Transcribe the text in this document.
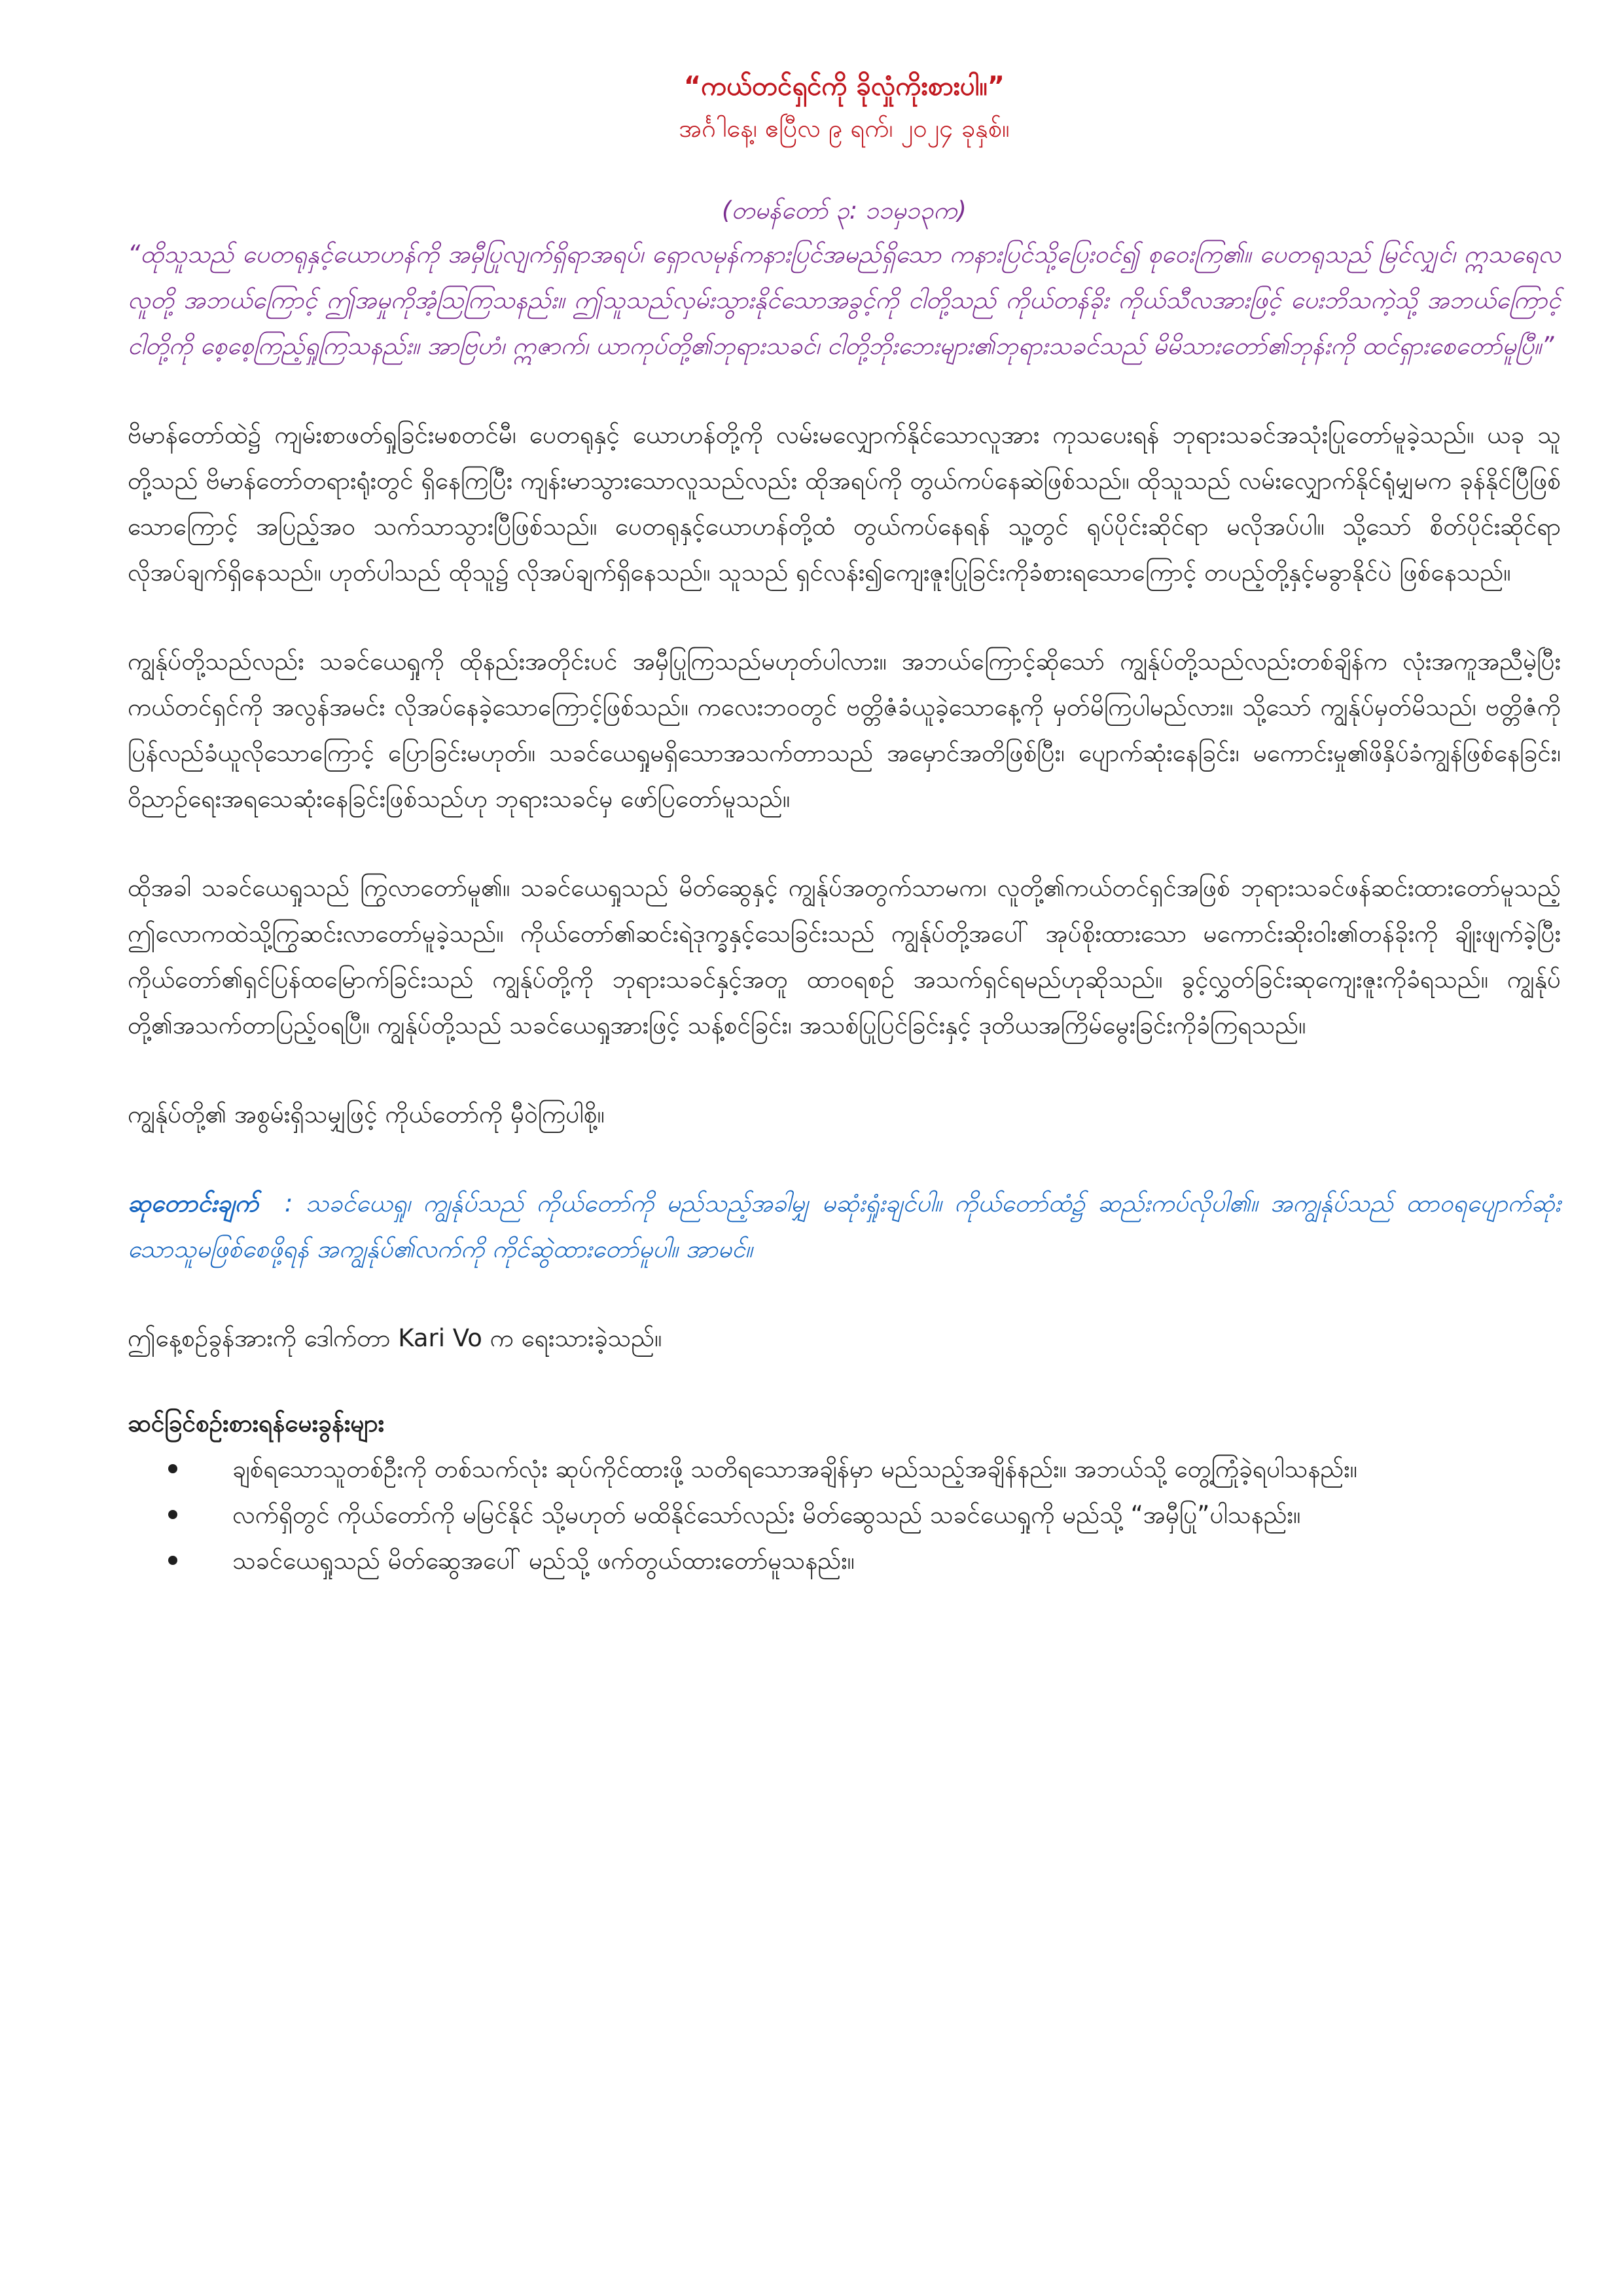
“ကယ်တင်ရှင်ကို ခိုလှုံကိုးစားပါ။”

အင်္ဂါနေ့၊ ဧပြီလ ၉ ရက်၊ ၂၀၂၄ ခုနှစ်။

(တမန်တော် ၃: ၁၁မှ၁၃က)

“ထိုသူသည် ပေတရုနှင့်ယောဟန်ကို အမှီပြုလျက်ရှိရာအရပ်၊ ရှောလမုန်ကနားပြင်အမည်ရှိသော ကနားပြင်သို့ပြေးဝင်၍ စုဝေးကြ၏။ ပေတရုသည် မြင်လျှင်၊ ဣသရေလလူတို့ အဘယ်ကြောင့် ဤအမှုကိုအံ့ဩကြသနည်း။ ဤသူသည်လှမ်းသွားနိုင်သောအခွင့်ကို ငါတို့သည် ကိုယ်တန်ခိုး ကိုယ်သီလအားဖြင့် ပေးဘိသကဲ့သို့ အဘယ်ကြောင့်ငါတို့ကို စေ့စေ့ကြည့်ရှုကြသနည်း။ အာဗြဟံ၊ ဣဇာက်၊ ယာကုပ်တို့၏ဘုရားသခင်၊ ငါတို့ဘိုးဘေးများ၏ဘုရားသခင်သည် မိမိသားတော်၏ဘုန်းကို ထင်ရှားစေတော်မူပြီ။”

ဗိမာန်တော်ထဲ၌ ကျမ်းစာဖတ်ရှုခြင်းမစတင်မီ၊ ပေတရုနှင့် ယောဟန်တို့ကို လမ်းမလျှောက်နိုင်သောလူအား ကုသပေးရန် ဘုရားသခင်အသုံးပြုတော်မူခဲ့သည်။ ယခု သူတို့သည် ဗိမာန်တော်တရားရုံးတွင် ရှိနေကြပြီး ကျန်းမာသွားသောလူသည်လည်း ထိုအရပ်ကို တွယ်ကပ်နေဆဲဖြစ်သည်။ ထိုသူသည် လမ်းလျှောက်နိုင်ရုံမျှမက ခုန်နိုင်ပြီဖြစ်သောကြောင့် အပြည့်အဝ သက်သာသွားပြီဖြစ်သည်။ ပေတရုနှင့်ယောဟန်တို့ထံ တွယ်ကပ်နေရန် သူ့တွင် ရုပ်ပိုင်းဆိုင်ရာ မလိုအပ်ပါ။ သို့သော် စိတ်ပိုင်းဆိုင်ရာ လိုအပ်ချက်ရှိနေသည်။ ဟုတ်ပါသည် ထိုသူ၌ လိုအပ်ချက်ရှိနေသည်။ သူသည် ရှင်လန်း၍ကျေးဇူးပြုခြင်းကိုခံစားရသောကြောင့် တပည့်တို့နှင့်မခွာနိုင်ပဲ ဖြစ်နေသည်။

ကျွန်ုပ်တို့သည်လည်း သခင်ယေရှုကို ထိုနည်းအတိုင်းပင် အမှီပြုကြသည်မဟုတ်ပါလား။ အဘယ်ကြောင့်ဆိုသော် ကျွန်ုပ်တို့သည်လည်းတစ်ချိန်က လုံးအကူအညီမဲ့ပြီး ကယ်တင်ရှင်ကို အလွန်အမင်း လိုအပ်နေခဲ့သောကြောင့်ဖြစ်သည်။ ကလေးဘဝတွင် ဗတ္တိဇံခံယူခဲ့သောနေ့ကို မှတ်မိကြပါမည်လား။ သို့သော် ကျွန်ုပ်မှတ်မိသည်၊ ဗတ္တိဇံကိုပြန်လည်ခံယူလိုသောကြောင့် ပြောခြင်းမဟုတ်။ သခင်ယေရှုမရှိသောအသက်တာသည် အမှောင်အတိဖြစ်ပြီး၊ ပျောက်ဆုံးနေခြင်း၊ မကောင်းမှု၏ဖိနှိပ်ခံကျွန်ဖြစ်နေခြင်း၊ ဝိညာဉ်ရေးအရသေဆုံးနေခြင်းဖြစ်သည်ဟု ဘုရားသခင်မှ ဖော်ပြတော်မူသည်။

ထိုအခါ သခင်ယေရှုသည် ကြွလာတော်မူ၏။ သခင်ယေရှုသည် မိတ်ဆွေနှင့် ကျွန်ုပ်အတွက်သာမက၊ လူတို့၏ကယ်တင်ရှင်အဖြစ် ဘုရားသခင်ဖန်ဆင်းထားတော်မူသည့် ဤလောကထဲသို့ကြွဆင်းလာတော်မူခဲ့သည်။ ကိုယ်တော်၏ဆင်းရဲဒုက္ခနှင့်သေခြင်းသည် ကျွန်ုပ်တို့အပေါ် အုပ်စိုးထားသော မကောင်းဆိုးဝါး၏တန်ခိုးကို ချိုးဖျက်ခဲ့ပြီး ကိုယ်တော်၏ရှင်ပြန်ထမြောက်ခြင်းသည် ကျွန်ုပ်တို့ကို ဘုရားသခင်နှင့်အတူ ထာဝရစဉ် အသက်ရှင်ရမည်ဟုဆိုသည်။ ခွင့်လွှတ်ခြင်းဆုကျေးဇူးကိုခံရသည်။ ကျွန်ုပ်တို့၏အသက်တာပြည့်ဝရပြီ။ ကျွန်ုပ်တို့သည် သခင်ယေရှုအားဖြင့် သန့်စင်ခြင်း၊ အသစ်ပြုပြင်ခြင်းနှင့် ဒုတိယအကြိမ်မွေးခြင်းကိုခံကြရသည်။

ကျွန်ုပ်တို့၏ အစွမ်းရှိသမျှဖြင့် ကိုယ်တော်ကို မှီဝဲကြပါစို့။

ဆုတောင်းချက် : သခင်ယေရှု၊ ကျွန်ုပ်သည် ကိုယ်တော်ကို မည်သည့်အခါမျှ မဆုံးရှုံးချင်ပါ။ ကိုယ်တော်ထံ၌ ဆည်းကပ်လိုပါ၏။ အကျွန်ုပ်သည် ထာဝရပျောက်ဆုံးသောသူမဖြစ်စေဖို့ရန် အကျွန်ုပ်၏လက်ကို ကိုင်ဆွဲထားတော်မူပါ။ အာမင်။

ဤနေ့စဉ်ခွန်အားကို ဒေါက်တာ Kari Vo က ရေးသားခဲ့သည်။

ဆင်ခြင်စဉ်းစားရန်မေးခွန်းများ

ချစ်ရသောသူတစ်ဦးကို တစ်သက်လုံး ဆုပ်ကိုင်ထားဖို့ သတိရသောအချိန်မှာ မည်သည့်အချိန်နည်း။ အဘယ်သို့ တွေ့ကြုံခဲ့ရပါသနည်း။
လက်ရှိတွင် ကိုယ်တော်ကို မမြင်နိုင် သို့မဟုတ် မထိနိုင်သော်လည်း မိတ်ဆွေသည် သခင်ယေရှုကို မည်သို့ “အမှီပြု”ပါသနည်း။
သခင်ယေရှုသည် မိတ်ဆွေအပေါ် မည်သို့ ဖက်တွယ်ထားတော်မူသနည်း။
